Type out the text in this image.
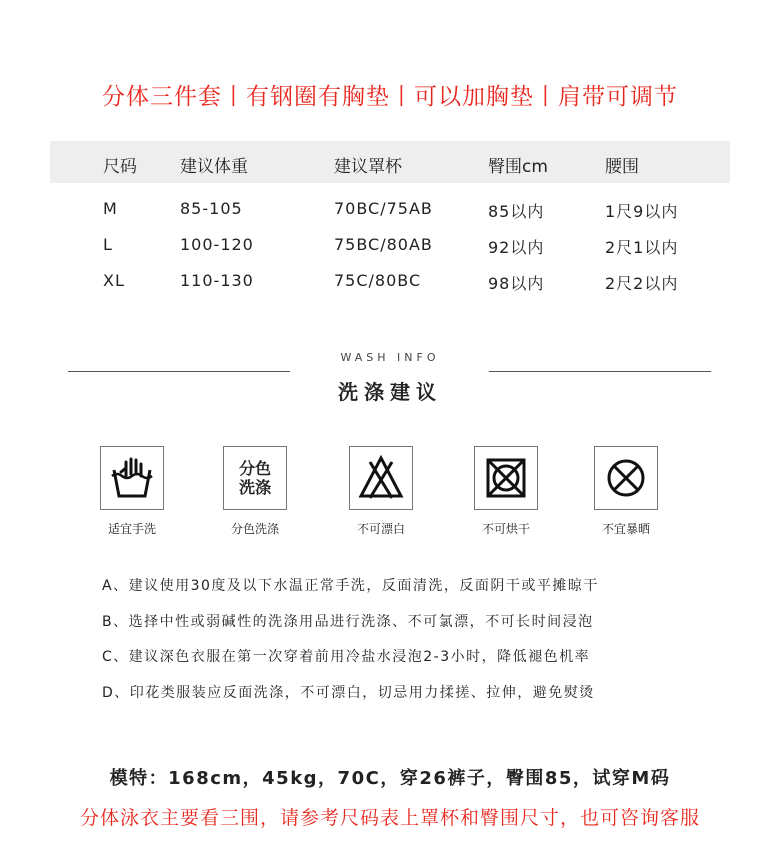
分体三件套丨有钢圈有胸垫丨可以加胸垫丨肩带可调节
尺码	建议体重	建议罩杯	臀围cm	腰围
M	85-105	70BC/75AB	85以内	1尺9以内
L	100-120	75BC/80AB	92以内	2尺1以内
XL	110-130	75C/80BC	98以内	2尺2以内
WASH INFO
洗涤建议
适宜手洗
分色
洗涤
分色洗涤	不可漂白	不可烘干	不宜暴晒
A、建议使用30度及以下水温正常手洗，反面清洗，反面阴干或平摊晾干
B、选择中性或弱碱性的洗涤用品进行洗涤、不可氯漂，不可长时间浸泡
C、建议深色衣服在第一次穿着前用冷盐水浸泡2-3小时，降低褪色机率
D、印花类服装应反面洗涤，不可漂白，切忌用力揉搓、拉伸，避免熨烫
模特：168cm，45kg，70C，穿26裤子，臀围85，试穿M码
分体泳衣主要看三围，请参考尺码表上罩杯和臀围尺寸，也可咨询客服
